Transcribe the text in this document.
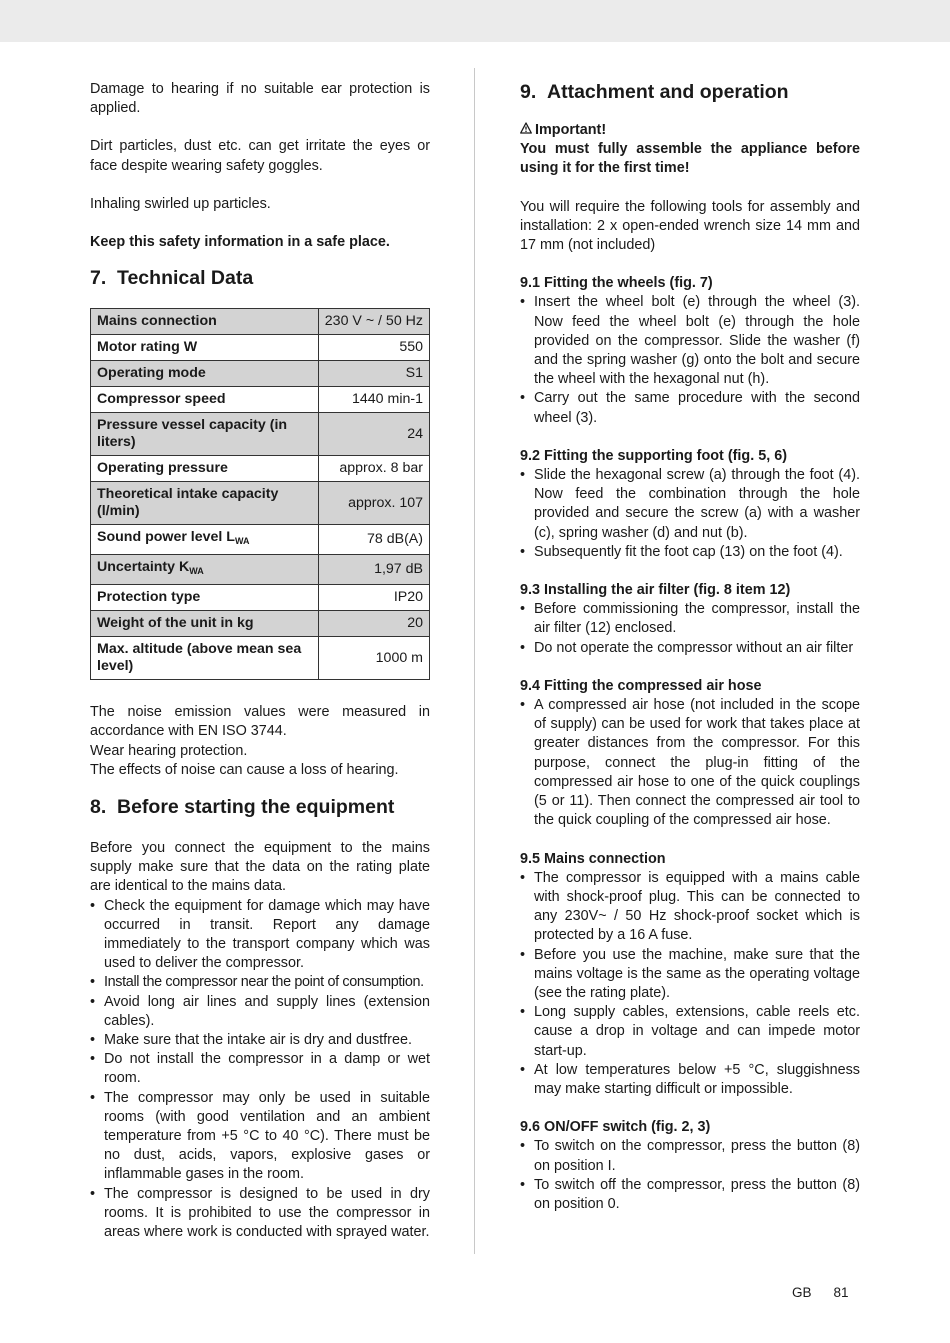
Damage to hearing if no suitable ear protection is applied.

Dirt particles, dust etc. can get irritate the eyes or face despite wearing safety goggles.

Inhaling swirled up particles.

Keep this safety information in a safe place.

7. Technical Data
Mains connection	230 V ~ / 50 Hz
Motor rating W	550
Operating mode	S1
Compressor speed	1440 min-1
Pressure vessel capacity (in liters)	24
Operating pressure	approx. 8 bar
Theoretical intake capacity (l/min)	approx. 107
Sound power level $L_{WA}$	78 dB(A)
Uncertainty $K_{WA}$	1,97 dB
Protection type	IP20
Weight of the unit in kg	20
Max. altitude (above mean sea level)	1000 m

The noise emission values were measured in accordance with EN ISO 3744.

Wear hearing protection.

The effects of noise can cause a loss of hearing.

8. Before starting the equipment

Before you connect the equipment to the mains supply make sure that the data on the rating plate are identical to the mains data.

• Check the equipment for damage which may have occurred in transit. Report any damage immediately to the transport company which was used to deliver the compressor.
• Install the compressor near the point of consumption.
• Avoid long air lines and supply lines (extension cables).
• Make sure that the intake air is dry and dustfree.
• Do not install the compressor in a damp or wet room.
• The compressor may only be used in suitable rooms (with good ventilation and an ambient temperature from +5 °C to 40 °C). There must be no dust, acids, vapors, explosive gases or inflammable gases in the room.
• The compressor is designed to be used in dry rooms. It is prohibited to use the compressor in areas where work is conducted with sprayed water.
9. Attachment and operation

Important!

You must fully assemble the appliance before using it for the first time!

You will require the following tools for assembly and installation: 2 x open-ended wrench size 14 mm and 17 mm (not included)

9.1 Fitting the wheels (fig. 7)
• Insert the wheel bolt (e) through the wheel (3). Now feed the wheel bolt (e) through the hole provided on the compressor. Slide the washer (f) and the spring washer (g) onto the bolt and secure the wheel with the hexagonal nut (h).
• Carry out the same procedure with the second wheel (3).
9.2 Fitting the supporting foot (fig. 5, 6)
• Slide the hexagonal screw (a) through the foot (4). Now feed the combination through the hole provided and secure the screw (a) with a washer (c), spring washer (d) and nut (b).
• Subsequently fit the foot cap (13) on the foot (4).
9.3 Installing the air filter (fig. 8 item 12)
• Before commissioning the compressor, install the air filter (12) enclosed.
• Do not operate the compressor without an air filter
9.4 Fitting the compressed air hose
• A compressed air hose (not included in the scope of supply) can be used for work that takes place at greater distances from the compressor. For this purpose, connect the plug-in fitting of the compressed air hose to one of the quick couplings (5 or 11). Then connect the compressed air tool to the quick coupling of the compressed air hose.
9.5 Mains connection
• The compressor is equipped with a mains cable with shock-proof plug. This can be connected to any 230V~ / 50 Hz shock-proof socket which is protected by a 16 A fuse.
• Before you use the machine, make sure that the mains voltage is the same as the operating voltage (see the rating plate).
• Long supply cables, extensions, cable reels etc. cause a drop in voltage and can impede motor start-up.
• At low temperatures below +5 °C, sluggishness may make starting difficult or impossible.
9.6 ON/OFF switch (fig. 2, 3)
• To switch on the compressor, press the button (8) on position I.
• To switch off the compressor, press the button (8) on position 0.
GB 81
